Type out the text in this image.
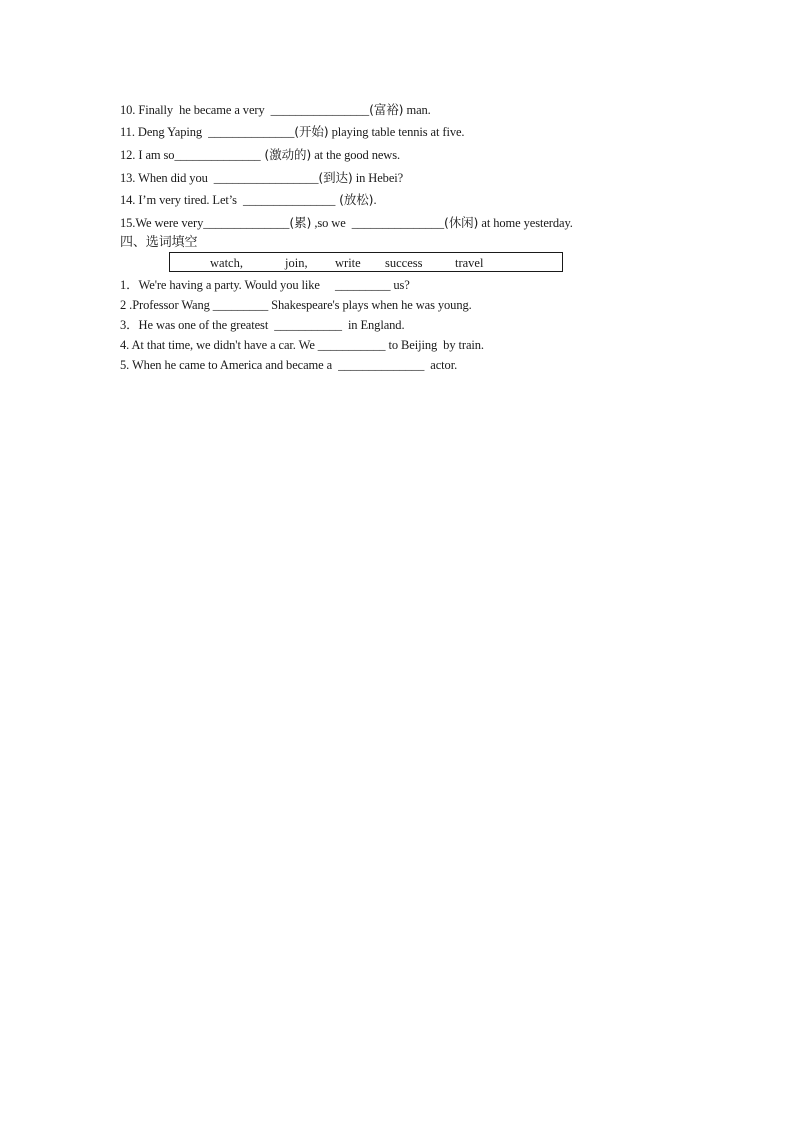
10. Finally  he became a very  ________________(富裕) man.
11. Deng Yaping  ______________(开始) playing table tennis at five.
12. I am so______________ (激动的) at the good news.
13. When did you  _________________(到达) in Hebei?
14. I’m very tired. Let’s  _______________ (放松).
15.We were very______________(累) ,so we  _______________(休闲) at home yesterday.
四、选词填空
watch,	join, write success	travel
1．We're having a party. Would you like     _________ us?
2 .Professor Wang _________ Shakespeare's plays when he was young.
3．He was one of the greatest  ___________  in England.
4. At that time, we didn't have a car. We ___________ to Beijing  by train.
5. When he came to America and became a  ______________  actor.
